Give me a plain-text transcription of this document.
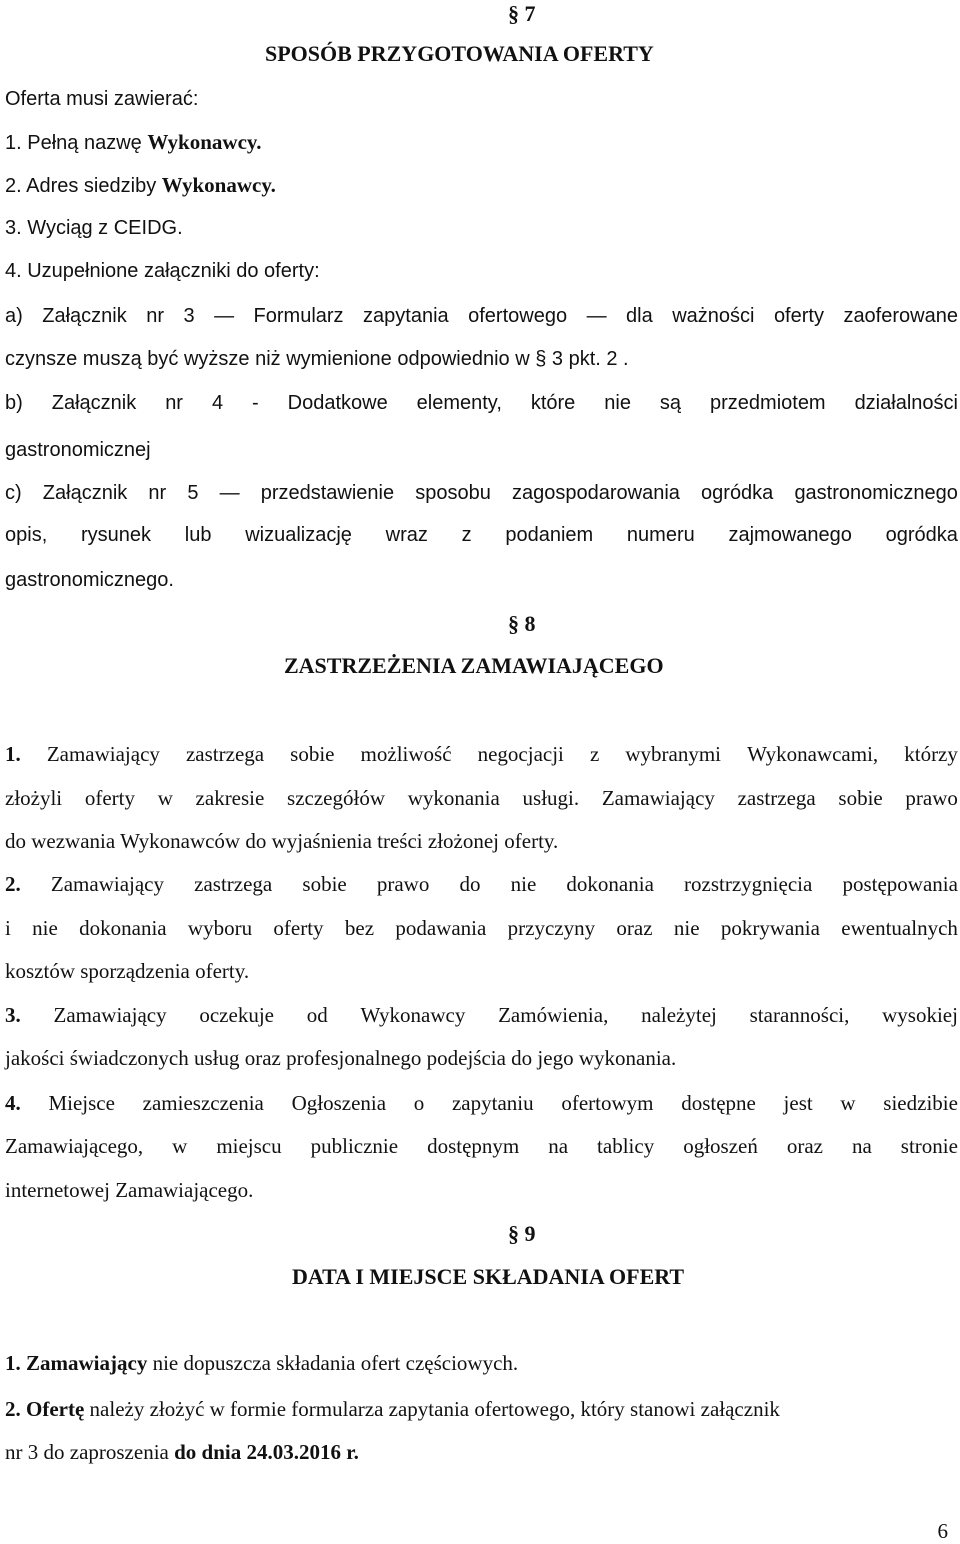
§ 7
SPOSÓB PRZYGOTOWANIA OFERTY
Oferta musi zawierać:
1. Pełną nazwę Wykonawcy.
2. Adres siedziby Wykonawcy.
3. Wyciąg z CEIDG.
4. Uzupełnione załączniki do oferty:
a) Załącznik nr 3 — Formularz zapytania ofertowego — dla ważności oferty zaoferowane
czynsze muszą być wyższe niż wymienione odpowiednio w § 3 pkt. 2 .
b) Załącznik nr 4 - Dodatkowe elementy, które nie są przedmiotem działalności
gastronomicznej
c) Załącznik nr 5 — przedstawienie sposobu zagospodarowania ogródka gastronomicznego
opis, rysunek lub wizualizację wraz z podaniem numeru zajmowanego ogródka
gastronomicznego.
§ 8
ZASTRZEŻENIA ZAMAWIAJĄCEGO
1. Zamawiający zastrzega sobie możliwość negocjacji z wybranymi Wykonawcami, którzy
złożyli oferty w zakresie szczegółów wykonania usługi. Zamawiający zastrzega sobie prawo
do wezwania Wykonawców do wyjaśnienia treści złożonej oferty.
2. Zamawiający zastrzega sobie prawo do nie dokonania rozstrzygnięcia postępowania
i nie dokonania wyboru oferty bez podawania przyczyny oraz nie pokrywania ewentualnych
kosztów sporządzenia oferty.
3. Zamawiający oczekuje od Wykonawcy Zamówienia, należytej staranności, wysokiej
jakości świadczonych usług oraz profesjonalnego podejścia do jego wykonania.
4. Miejsce zamieszczenia Ogłoszenia o zapytaniu ofertowym dostępne jest w siedzibie
Zamawiającego, w miejscu publicznie dostępnym na tablicy ogłoszeń oraz na stronie
internetowej Zamawiającego.
§ 9
DATA I MIEJSCE SKŁADANIA OFERT
1. Zamawiający nie dopuszcza składania ofert częściowych.
2. Ofertę należy złożyć w formie formularza zapytania ofertowego, który stanowi załącznik
nr 3 do zaproszenia do dnia 24.03.2016 r.
6
